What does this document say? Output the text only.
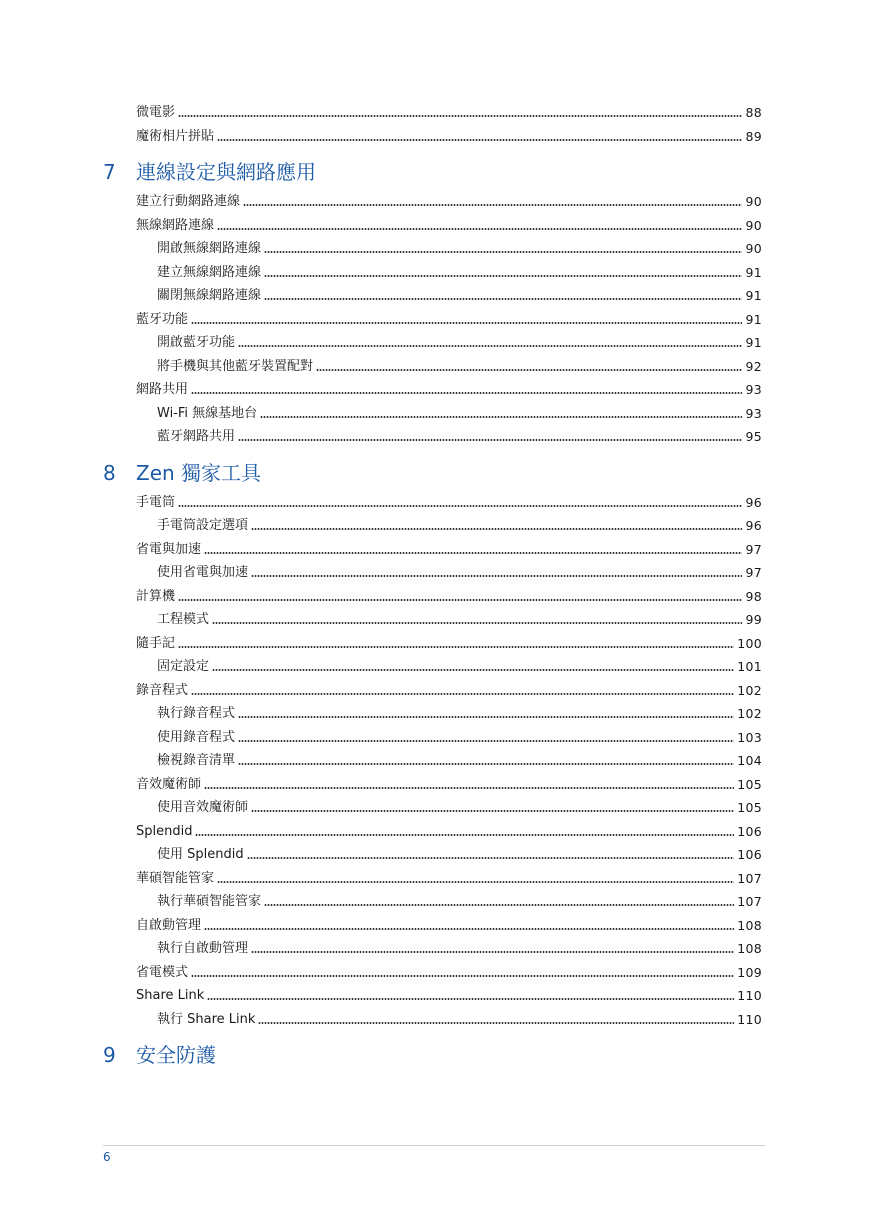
微電影	88
魔術相片拼貼	89
7	連線設定與網路應用
建立行動網路連線	90
無線網路連線	90
開啟無線網路連線	90
建立無線網路連線	91
關閉無線網路連線	91
藍牙功能	91
開啟藍牙功能	91
將手機與其他藍牙裝置配對	92
網路共用	93
Wi-Fi 無線基地台	93
藍牙網路共用	95
8	Zen 獨家工具
手電筒	96
手電筒設定選項	96
省電與加速	97
使用省電與加速	97
計算機	98
工程模式	99
隨手記	100
固定設定	101
錄音程式	102
執行錄音程式	102
使用錄音程式	103
檢視錄音清單	104
音效魔術師	105
使用音效魔術師	105
Splendid	106
使用 Splendid	106
華碩智能管家	107
執行華碩智能管家	107
自啟動管理	108
執行自啟動管理	108
省電模式	109
Share Link	110
執行 Share Link	110
9	安全防護
6
